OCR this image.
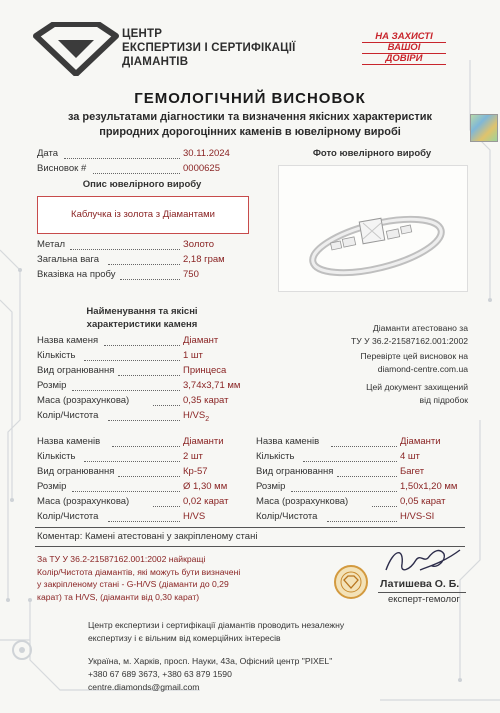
ЦЕНТР
ЕКСПЕРТИЗИ І СЕРТИФІКАЦІЇ
ДІАМАНТІВ
НА ЗАХИСТІ
ВАШОЇ
ДОВІРИ
ГЕМОЛОГІЧНИЙ ВИСНОВОК
за результатами діагностики та визначення якісних характеристик
природних дорогоцінних каменів в ювелірному виробі
Дата	30.11.2024
Висновок #	0000625
Фото ювелірного виробу
Опис ювелірного виробу
Каблучка із золота з Діамантами
Метал	Золото
Загальна вага	2,18 грам
Вказівка на пробу	750
Найменування та якісні
характеристики каменя
Назва каменя	Діамант
Кількість	1 шт
Вид огранювання	Принцеса
Розмір	3,74х3,71 мм
Маса (розрахункова)	0,35 карат
Колір/Чистота	$H/VS_2$
Діаманти атестовано за
ТУ У 36.2-21587162.001:2002
Перевірте цей висновок на
diamond-centre.com.ua
Цей документ захищений
від підробок
Назва каменів	Діаманти
Кількість	2 шт
Вид огранювання	Кр-57
Розмір	Ø 1,30 мм
Маса (розрахункова)	0,02 карат
Колір/Чистота	H/VS
Назва каменів	Діаманти
Кількість	4 шт
Вид огранювання	Багет
Розмір	1,50х1,20 мм
Маса (розрахункова)	0,05 карат
Колір/Чистота	H/VS-SI
Коментар: Камені атестовані у закріпленому стані
За ТУ У 36.2-21587162.001:2002 найкращі
Колір/Чистота діамантів, які можуть бути визначені
у закріпленому стані - G-H/VS (діаманти до 0,29
карат) та H/VS, (діаманти від 0,30 карат)
Латишева О. Б.
експерт-гемолог
Центр експертизи і сертифікації діамантів проводить незалежну
експертизу і є вільним від комерційних інтересів
Україна, м. Харків, просп. Науки, 43а, Офісний центр "PIXEL"
+380 67 689 3673, +380 63 879 1590
centre.diamonds@gmail.com
